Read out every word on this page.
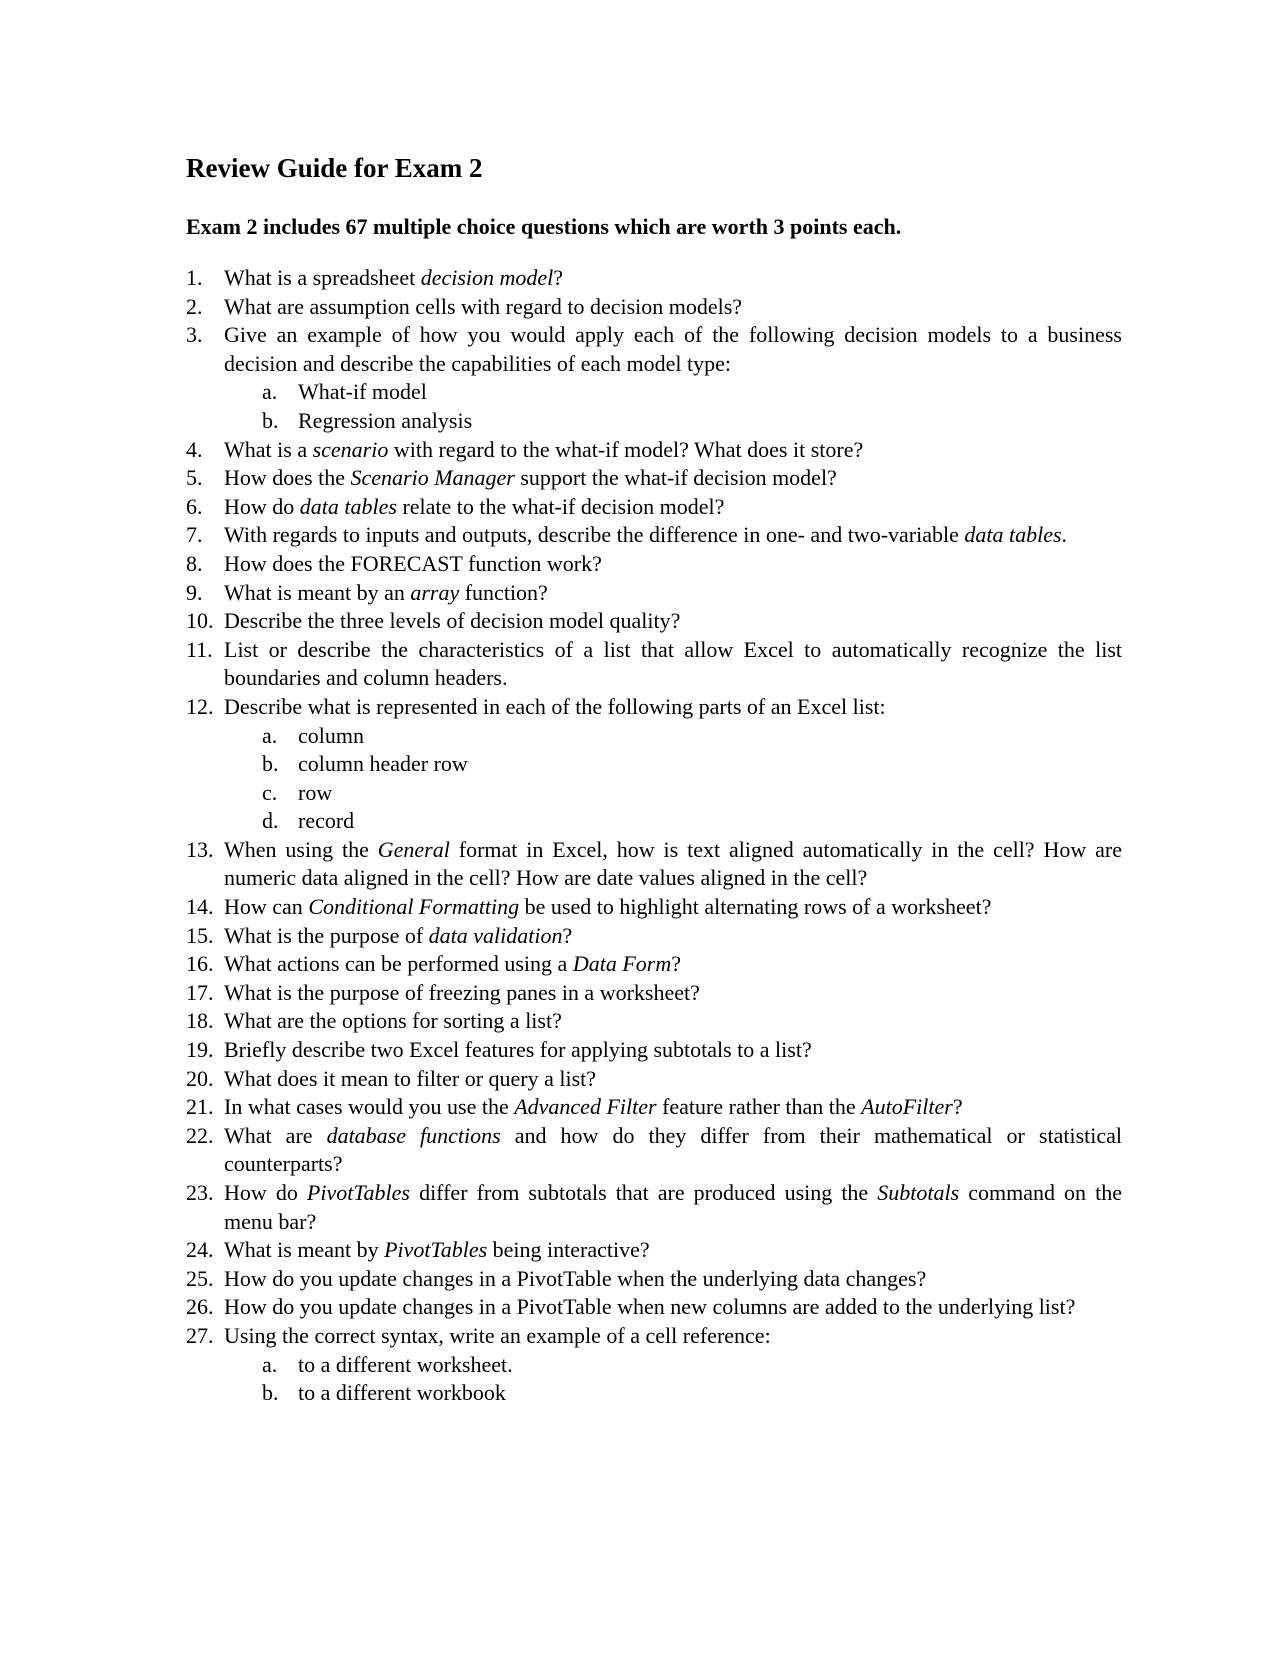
Review Guide for Exam 2

Exam 2 includes 67 multiple choice questions which are worth 3 points each.

1. What is a spreadsheet decision model?
2. What are assumption cells with regard to decision models?
3. Give an example of how you would apply each of the following decision models to a business decision and describe the capabilities of each model type:
a. What-if model
b. Regression analysis
4. What is a scenario with regard to the what-if model? What does it store?
5. How does the Scenario Manager support the what-if decision model?
6. How do data tables relate to the what-if decision model?
7. With regards to inputs and outputs, describe the difference in one- and two-variable data tables.
8. How does the FORECAST function work?
9. What is meant by an array function?
10. Describe the three levels of decision model quality?
11. List or describe the characteristics of a list that allow Excel to automatically recognize the list boundaries and column headers.
12. Describe what is represented in each of the following parts of an Excel list:
a. column
b. column header row
c. row
d. record
13. When using the General format in Excel, how is text aligned automatically in the cell? How are numeric data aligned in the cell? How are date values aligned in the cell?
14. How can Conditional Formatting be used to highlight alternating rows of a worksheet?
15. What is the purpose of data validation?
16. What actions can be performed using a Data Form?
17. What is the purpose of freezing panes in a worksheet?
18. What are the options for sorting a list?
19. Briefly describe two Excel features for applying subtotals to a list?
20. What does it mean to filter or query a list?
21. In what cases would you use the Advanced Filter feature rather than the AutoFilter?
22. What are database functions and how do they differ from their mathematical or statistical counterparts?
23. How do PivotTables differ from subtotals that are produced using the Subtotals command on the menu bar?
24. What is meant by PivotTables being interactive?
25. How do you update changes in a PivotTable when the underlying data changes?
26. How do you update changes in a PivotTable when new columns are added to the underlying list?
27. Using the correct syntax, write an example of a cell reference:
a. to a different worksheet.
b. to a different workbook
